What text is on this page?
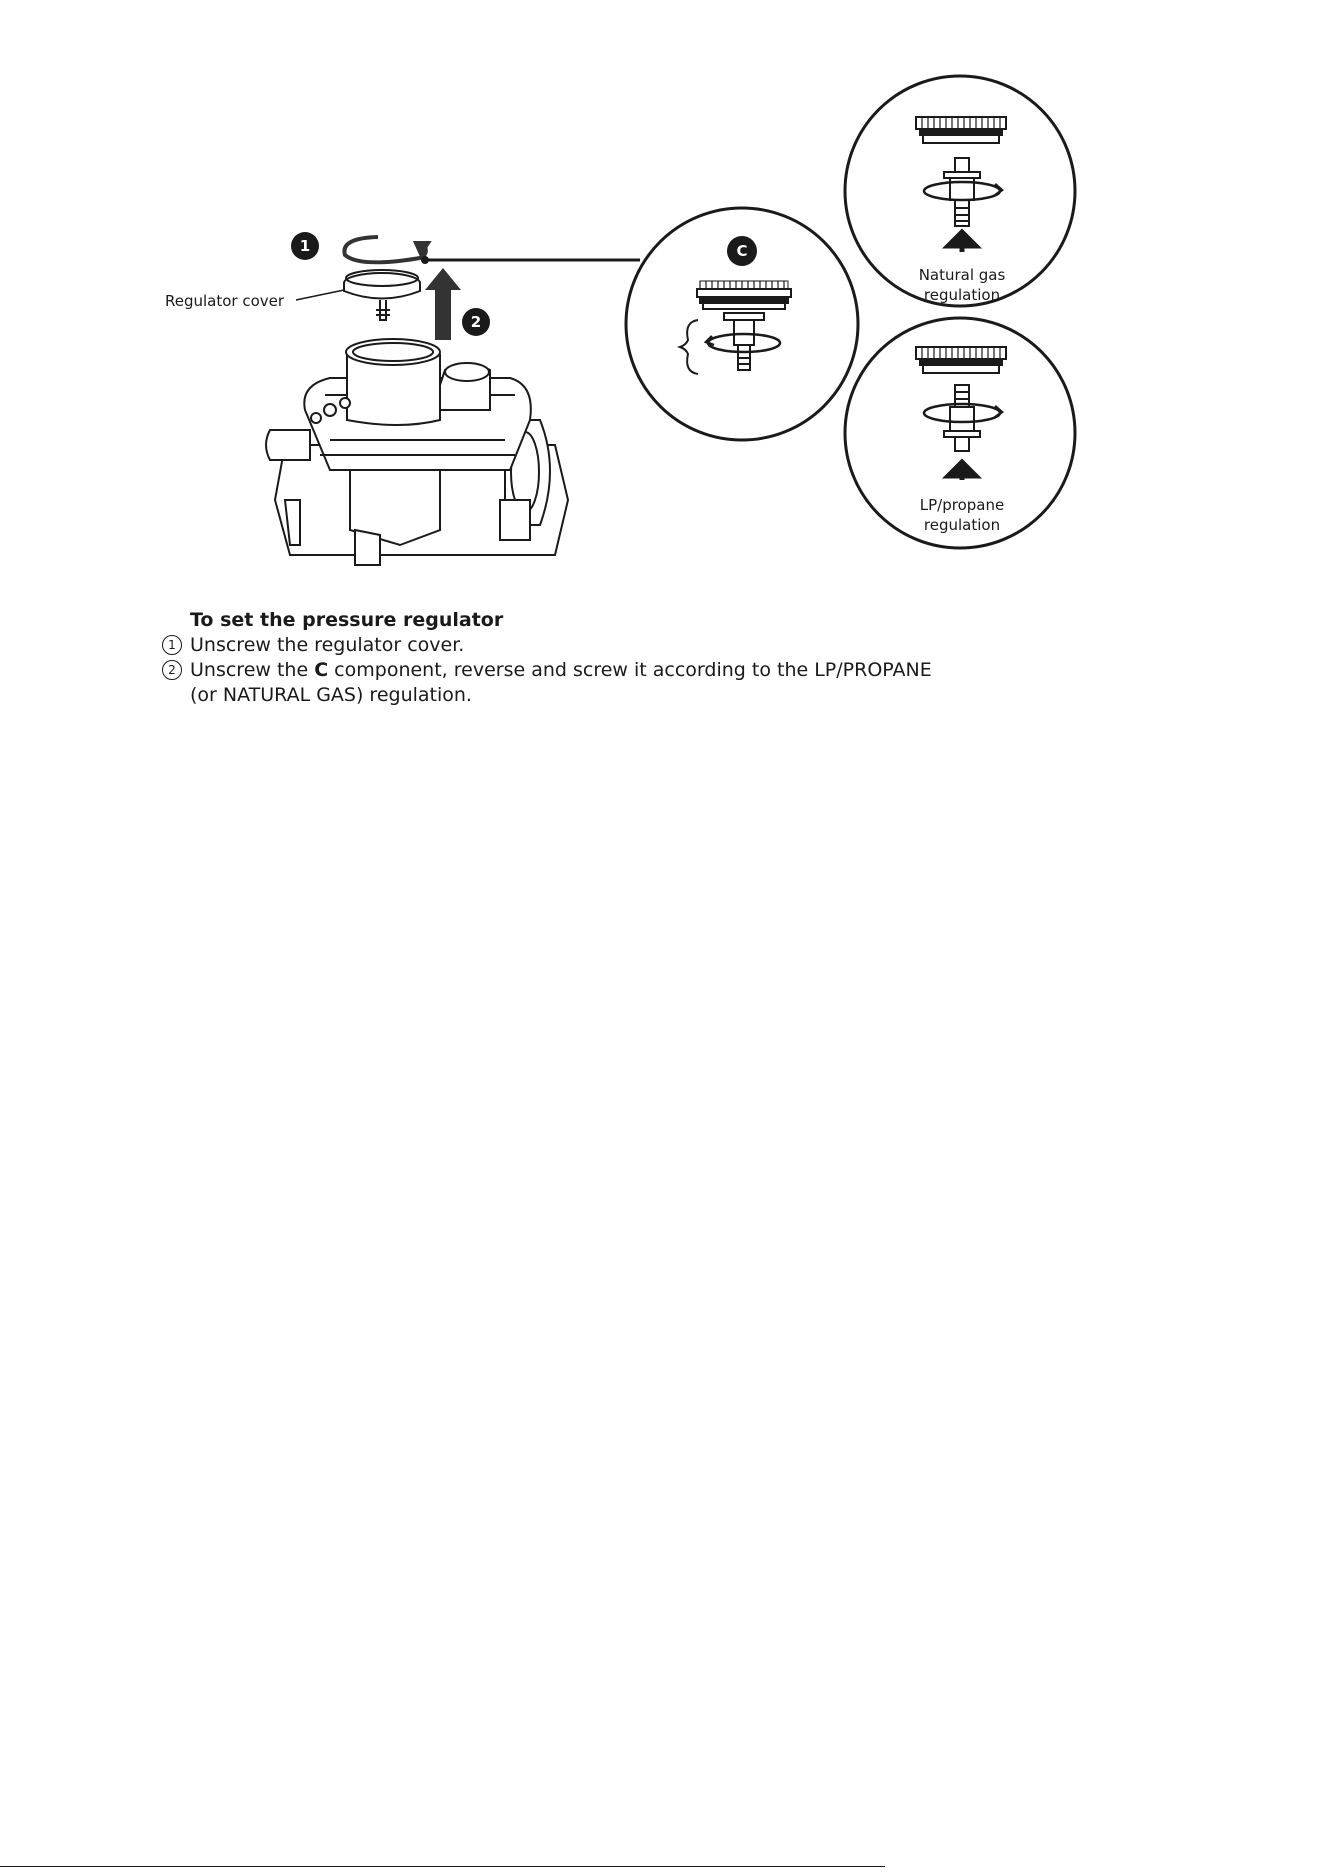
1
2
Regulator cover
C
Natural gas
regulation
LP/propane
regulation
To set the pressure regulator
1 Unscrew the regulator cover.
2 Unscrew the C component, reverse and screw it according to the LP/PROPANE
(or NATURAL GAS) regulation.
